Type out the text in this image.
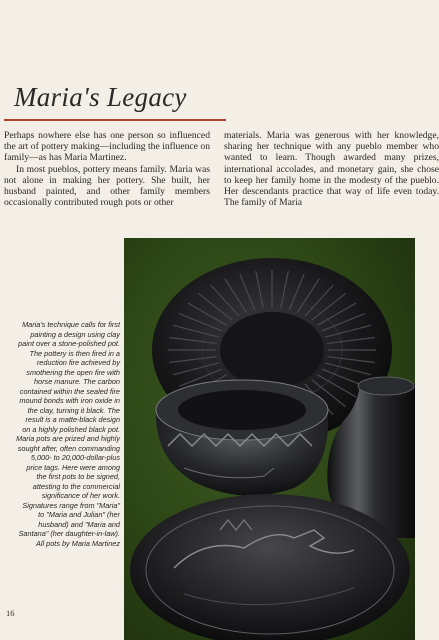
Maria's Legacy

Perhaps nowhere else has one person so influenced the art of pottery making—including the influence on family—as has Maria Martinez.

In most pueblos, pottery means family. Maria was not alone in making her pottery. She built, her husband painted, and other family members occasionally contributed rough pots or other

materials. Maria was generous with her knowledge, sharing her technique with any pueblo member who wanted to learn. Though awarded many prizes, international accolades, and monetary gain, she chose to keep her family home in the modesty of the pueblo. Her descendants practice that way of life even today. The family of Maria

Maria's technique calls for first painting a design using clay paint over a stone-polished pot. The pottery is then fired in a reduction fire achieved by smothering the open fire with horse manure. The carbon contained within the sealed fire mound bonds with iron oxide in the clay, turning it black. The result is a matte-black design on a highly polished black pot. Maria pots are prized and highly sought after, often commanding 5,000- to 20,000-dollar-plus price tags. Here were among the first pots to be signed, attesting to the commercial significance of her work. Signatures range from "Maria" to "Maria and Julian" (her husband) and "Maria and Santana" (her daughter-in-law). All pots by Maria Martinez

16
